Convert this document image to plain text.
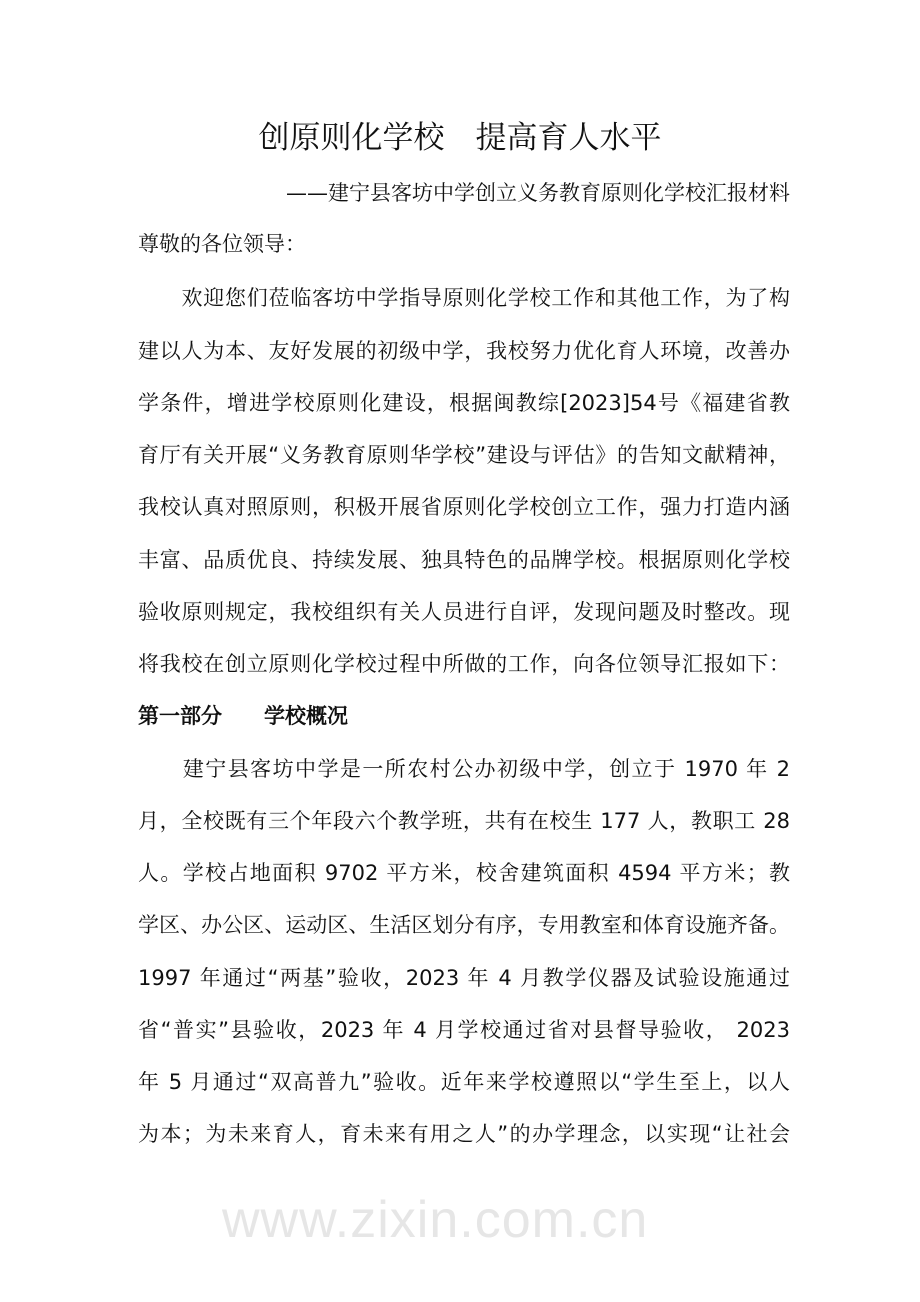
创原则化学校　提高育人水平
——建宁县客坊中学创立义务教育原则化学校汇报材料
尊敬的各位领导：
　　欢迎您们莅临客坊中学指导原则化学校工作和其他工作，为了构
建以人为本、友好发展的初级中学，我校努力优化育人环境，改善办
学条件，增进学校原则化建设，根据闽教综[2023]54号《福建省教
育厅有关开展“义务教育原则华学校”建设与评估》的告知文献精神，
我校认真对照原则，积极开展省原则化学校创立工作，强力打造内涵
丰富、品质优良、持续发展、独具特色的品牌学校。根据原则化学校
验收原则规定，我校组织有关人员进行自评，发现问题及时整改。现
将我校在创立原则化学校过程中所做的工作，向各位领导汇报如下：
第一部分　　学校概况
　　建宁县客坊中学是一所农村公办初级中学，创立于 1970 年 2
月，全校既有三个年段六个教学班，共有在校生 177 人，教职工 28
人。学校占地面积 9702 平方米，校舍建筑面积 4594 平方米；教
学区、办公区、运动区、生活区划分有序，专用教室和体育设施齐备。
1997 年通过“两基”验收，2023 年 4 月教学仪器及试验设施通过
省“普实”县验收，2023 年 4 月学校通过省对县督导验收， 2023
年 5 月通过“双高普九”验收。近年来学校遵照以“学生至上，以人
为本；为未来育人，育未来有用之人”的办学理念，以实现“让社会
www.zixin.com.cn
